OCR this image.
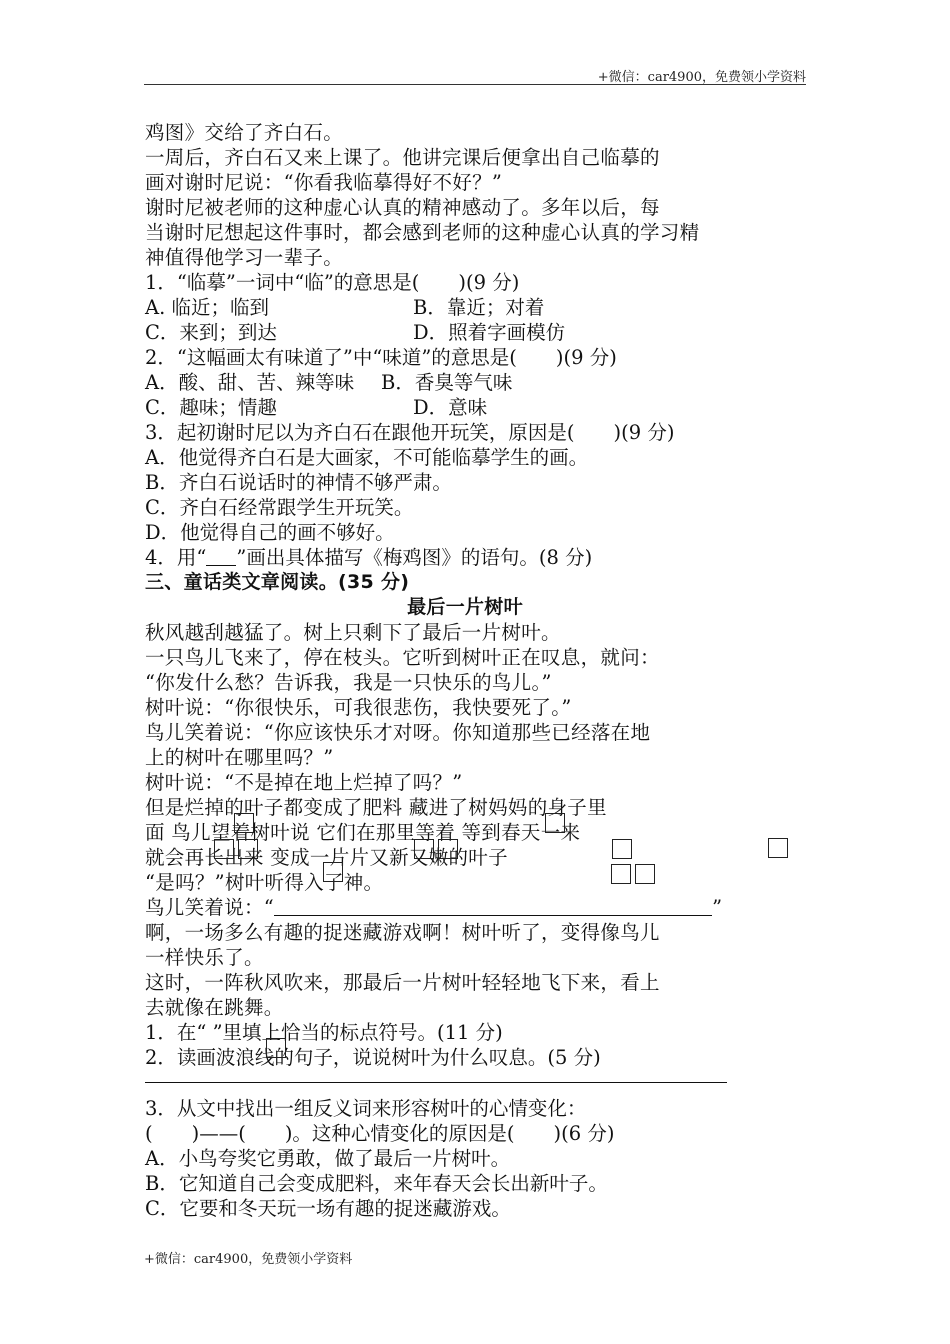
+微信：car4900，免费领小学资料
鸡图》交给了齐白石。
一周后，齐白石又来上课了。他讲完课后便拿出自己临摹的
画对谢时尼说：“你看我临摹得好不好？”
谢时尼被老师的这种虚心认真的精神感动了。多年以后，每
当谢时尼想起这件事时，都会感到老师的这种虚心认真的学习精
神值得他学习一辈子。
1．“临摹”一词中“临”的意思是(　　)(9 分)
A. 临近；临到	B．靠近；对着
C．来到；到达	D．照着字画模仿
2．“这幅画太有味道了”中“味道”的意思是(　　)(9 分)
A．酸、甜、苦、辣等味	B．香臭等气味
C．趣味；情趣	D．意味
3．起初谢时尼以为齐白石在跟他开玩笑，原因是(　　)(9 分)
A．他觉得齐白石是大画家，不可能临摹学生的画。
B．齐白石说话时的神情不够严肃。
C．齐白石经常跟学生开玩笑。
D．他觉得自己的画不够好。
4．用“ ”画出具体描写《梅鸡图》的语句。(8 分)
三、童话类文章阅读。(35 分)
最后一片树叶
秋风越刮越猛了。树上只剩下了最后一片树叶。
一只鸟儿飞来了，停在枝头。它听到树叶正在叹息，就问：
“你发什么愁？告诉我，我是一只快乐的鸟儿。”
树叶说：“你很快乐，可我很悲伤，我快要死了。”
鸟儿笑着说：“你应该快乐才对呀。你知道那些已经落在地
上的树叶在哪里吗？”
树叶说：“不是掉在地上烂掉了吗？”
但是烂掉的叶子都变成了肥料 藏进了树妈妈的身子里
面 鸟儿望着树叶说 它们在那里等着 等到春天一来
就会再长出来 变成一片片又新又嫩的叶子
“是吗？”树叶听得入了神。
鸟儿笑着说：“	”
啊，一场多么有趣的捉迷藏游戏啊！树叶听了，变得像鸟儿
一样快乐了。
这时，一阵秋风吹来，那最后一片树叶轻轻地飞下来，看上
去就像在跳舞。
1．在“ ”里填上恰当的标点符号。(11 分)
2．读画波浪线的句子，说说树叶为什么叹息。(5 分)
3．从文中找出一组反义词来形容树叶的心情变化：
(　　)——(　　)。这种心情变化的原因是(　　)(6 分)
A．小鸟夸奖它勇敢，做了最后一片树叶。
B．它知道自己会变成肥料，来年春天会长出新叶子。
C．它要和冬天玩一场有趣的捉迷藏游戏。
+微信：car4900，免费领小学资料
